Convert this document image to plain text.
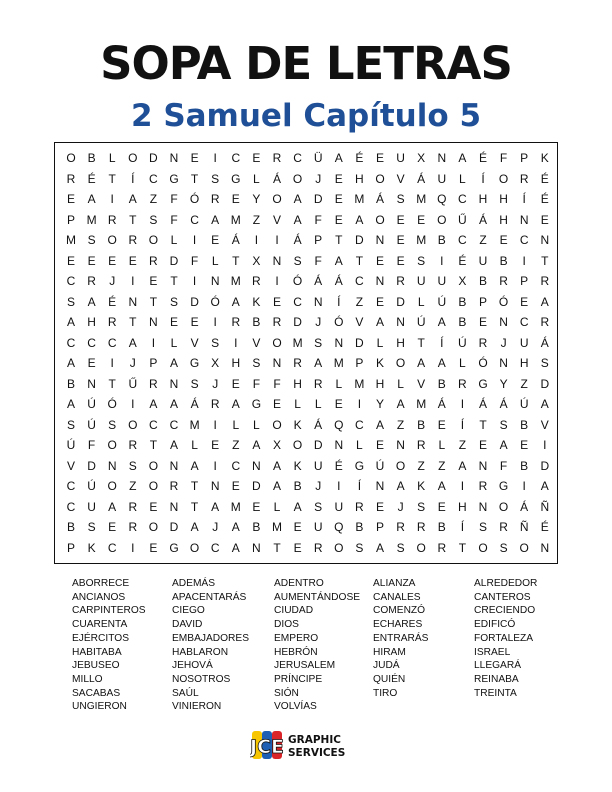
SOPA DE LETRAS
2 Samuel Capítulo 5
O B	L	O D N	E	I	C	E	R C Ü	A	É	E	U	X	N	A	É	F	P	K
R	É	T	Í	C G	T	S G	L	Á O	J	E	H O V	Á	U	L	Í	O R	É
E	A	I	A	Z	F	Ó R	E	Y O A	D	E M Á	S M Q C H H	Í	É
P M R	T	S	F	C	A M Z	V	A	F	E	A O E	E O Ű	Á	H N	E
M S O R O	L	I	E	Á	I	I	Á	P	T	D N	E M B	C	Z	E	C N
E	E	E	E	R D	F	L	T	X	N	S	F	A	T	E	E	S	I	É	U	B	I	T
C R	J	I	E	T	I	N M R	I	Ó Á	Á	C N R U U	X	B	R	P	R
S	A	É	N	T	S	D Ó A	K	E	C N	Í	Z	E	D	L	Ú	B	P Ó E	A
A	H R	T	N	E	E	I	R	B	R D	J	Ó V	A	N Ú	A	B	E	N C R
C C C	A	I	L	V	S	I	V O M S	N D	L	H	T	Í	Ú R	J	U	Á
A	E	I	J	P	A G X	H	S	N R	A M P	K O A	A	L	Ó N H	S
B	N	T	Ű R N	S	J	E	F	F	H R	L	M H	L	V	B	R G Y	Z	D
A	Ú Ó	I	A	A	Á	R	A G E	L	L	E	I	Y	A M Á	I	Á	Á	Ú	A
S	Ú	S O C C M	I	L	L	O K	Á Q C	A	Z	B	E	Í	T	S	B	V
Ú	F	O R	T	A	L	E	Z	A	X O D N	L	E	N R	L	Z	E	A	E	I
V	D N	S O N	A	I	C N	A	K	U	É G Ú O	Z	Z	A	N	F	B	D
C Ú O	Z	O R	T	N	E	D	A	B	J	I	Í	N	A	K	A	I	R G	I	A
C U	A	R	E	N	T	A M E	L	A	S	U R	E	J	S	E	H N O Á	Ñ
B	S	E	R O D	A	J	A	B M E	U Q B	P	R R	B	Í	S	R Ñ	É
P	K	C	I	E G O C	A	N	T	E	R O S	A	S O R	T	O S O N
ABORRECE
ANCIANOS
CARPINTEROS
CUARENTA
EJÉRCITOS
HABITABA
JEBUSEO
MILLO
SACABAS
UNGIERON
ADEMÁS
APACENTARÁS
CIEGO
DAVID
EMBAJADORES
HABLARON
JEHOVÁ
NOSOTROS
SAÚL
VINIERON
ADENTRO
AUMENTÁNDOSE
CIUDAD
DIOS
EMPERO
HEBRÓN
JERUSALEM
PRÍNCIPE
SIÓN
VOLVÍAS
ALIANZA
CANALES
COMENZÓ
ECHARES
ENTRARÁS
HIRAM
JUDÁ
QUIÉN
TIRO
ALREDEDOR
CANTEROS
CRECIENDO
EDIFICÓ
FORTALEZA
ISRAEL
LLEGARÁ
REINABA
TREINTA
JCE GRAPHIC
SERVICES
